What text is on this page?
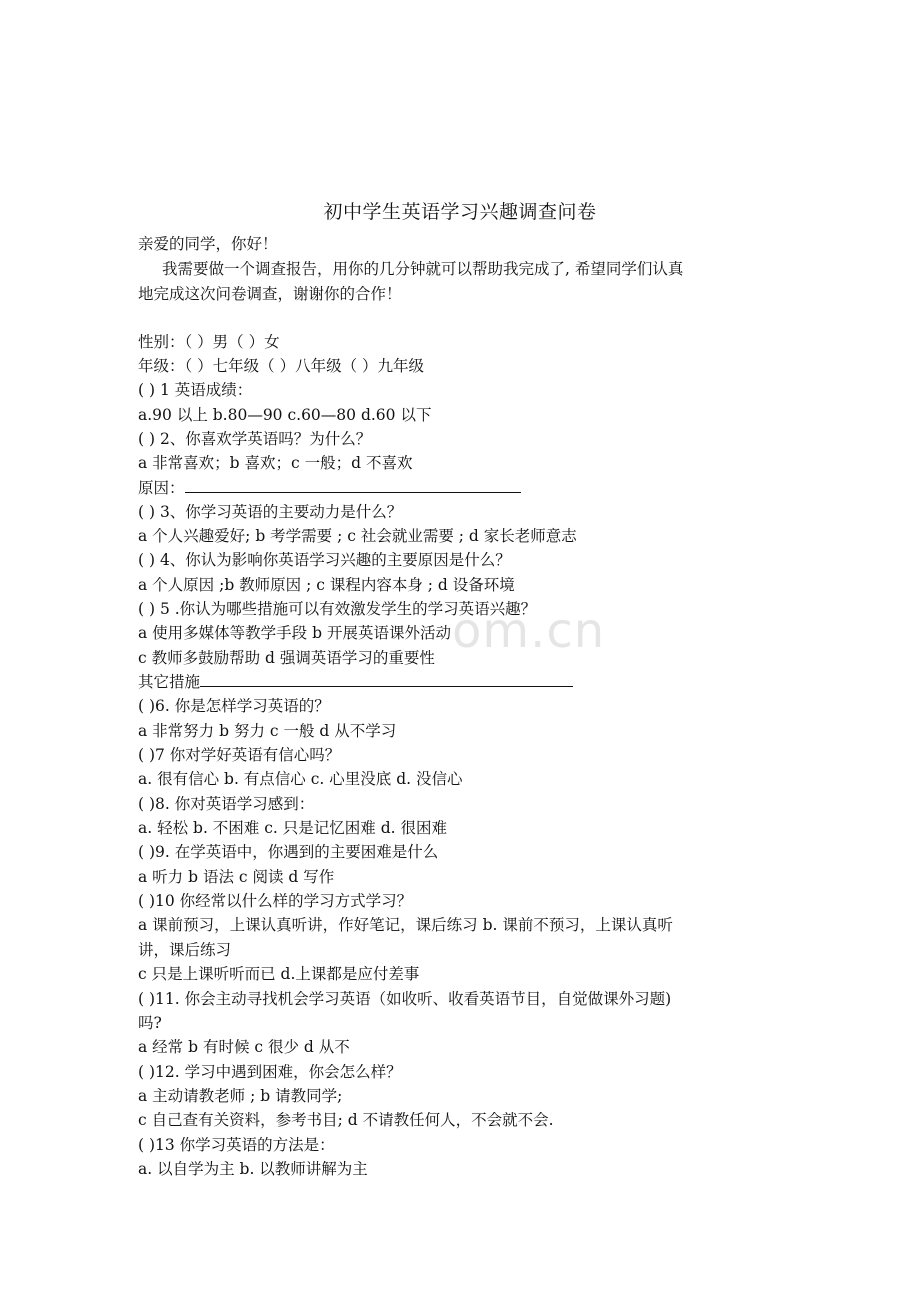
初中学生英语学习兴趣调查问卷
亲爱的同学，你好！
我需要做一个调查报告，用你的几分钟就可以帮助我完成了, 希望同学们认真
地完成这次问卷调查，谢谢你的合作！
性别：（ ）男（ ）女
年级：（ ）七年级（ ）八年级（ ）九年级
( ) 1 英语成绩：
a.90 以上 b.80—90 c.60—80 d.60 以下
( ) 2、你喜欢学英语吗？为什么？
a 非常喜欢；b 喜欢；c 一般；d 不喜欢
原因：
( ) 3、你学习英语的主要动力是什么？
a 个人兴趣爱好; b 考学需要 ; c 社会就业需要 ; d 家长老师意志
( ) 4、你认为影响你英语学习兴趣的主要原因是什么？
a 个人原因 ;b 教师原因 ; c 课程内容本身 ; d 设备环境
( ) 5 .你认为哪些措施可以有效激发学生的学习英语兴趣？
a 使用多媒体等教学手段 b 开展英语课外活动
c 教师多鼓励帮助 d 强调英语学习的重要性
其它措施
om.cn
( )6. 你是怎样学习英语的？
a 非常努力 b 努力 c 一般 d 从不学习
( )7 你对学好英语有信心吗？
a. 很有信心 b. 有点信心 c. 心里没底 d. 没信心
( )8. 你对英语学习感到：
a. 轻松 b. 不困难 c. 只是记忆困难 d. 很困难
( )9. 在学英语中，你遇到的主要困难是什么
a 听力 b 语法 c 阅读 d 写作
( )10 你经常以什么样的学习方式学习？
a 课前预习，上课认真听讲，作好笔记，课后练习 b. 课前不预习，上课认真听
讲，课后练习
c 只是上课听听而已 d.上课都是应付差事
( )11. 你会主动寻找机会学习英语（如收听、收看英语节目，自觉做课外习题)
吗?
a 经常 b 有时候 c 很少 d 从不
( )12. 学习中遇到困难，你会怎么样？
a 主动请教老师 ; b 请教同学;
c 自己查有关资料，参考书目; d 不请教任何人，不会就不会.
( )13 你学习英语的方法是：
a. 以自学为主 b. 以教师讲解为主
